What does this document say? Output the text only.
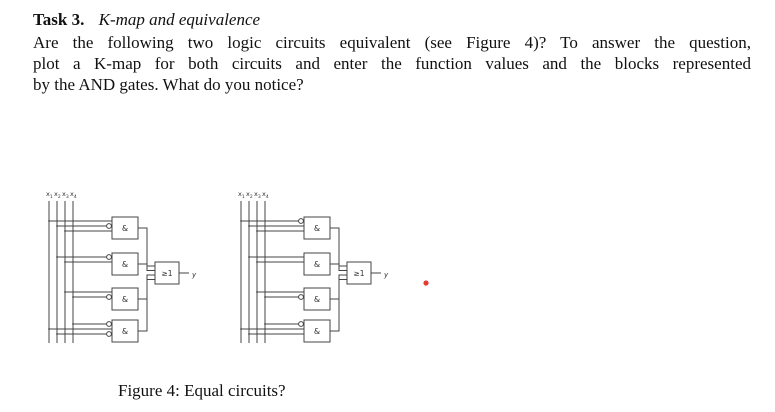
Task 3. K-map and equivalence
Are the following two logic circuits equivalent (see Figure 4)? To answer the question,
plot a K-map for both circuits and enter the function values and the blocks represented
by the AND gates. What do you notice?
$x_1$ $x_2$ $x_3$ $x_4$
&
&
&
&
≥1	y
$x_1$ $x_2$ $x_3$ $x_4$
&
&
&
&
≥1	y
Figure 4: Equal circuits?
